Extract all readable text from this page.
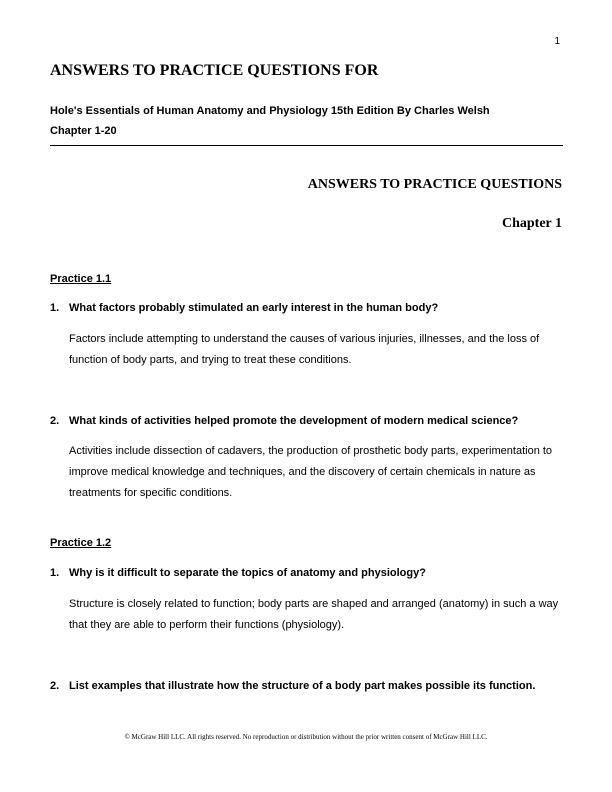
1
ANSWERS TO PRACTICE QUESTIONS FOR
Hole's Essentials of Human Anatomy and Physiology 15th Edition By Charles Welsh
Chapter 1-20
ANSWERS TO PRACTICE QUESTIONS
Chapter 1
Practice 1.1
1. What factors probably stimulated an early interest in the human body?
Factors include attempting to understand the causes of various injuries, illnesses, and the loss of function of body parts, and trying to treat these conditions.
2. What kinds of activities helped promote the development of modern medical science?
Activities include dissection of cadavers, the production of prosthetic body parts, experimentation to improve medical knowledge and techniques, and the discovery of certain chemicals in nature as treatments for specific conditions.
Practice 1.2
1. Why is it difficult to separate the topics of anatomy and physiology?
Structure is closely related to function; body parts are shaped and arranged (anatomy) in such a way that they are able to perform their functions (physiology).
2. List examples that illustrate how the structure of a body part makes possible its function.
© McGraw Hill LLC. All rights reserved. No reproduction or distribution without the prior written consent of McGraw Hill LLC.
